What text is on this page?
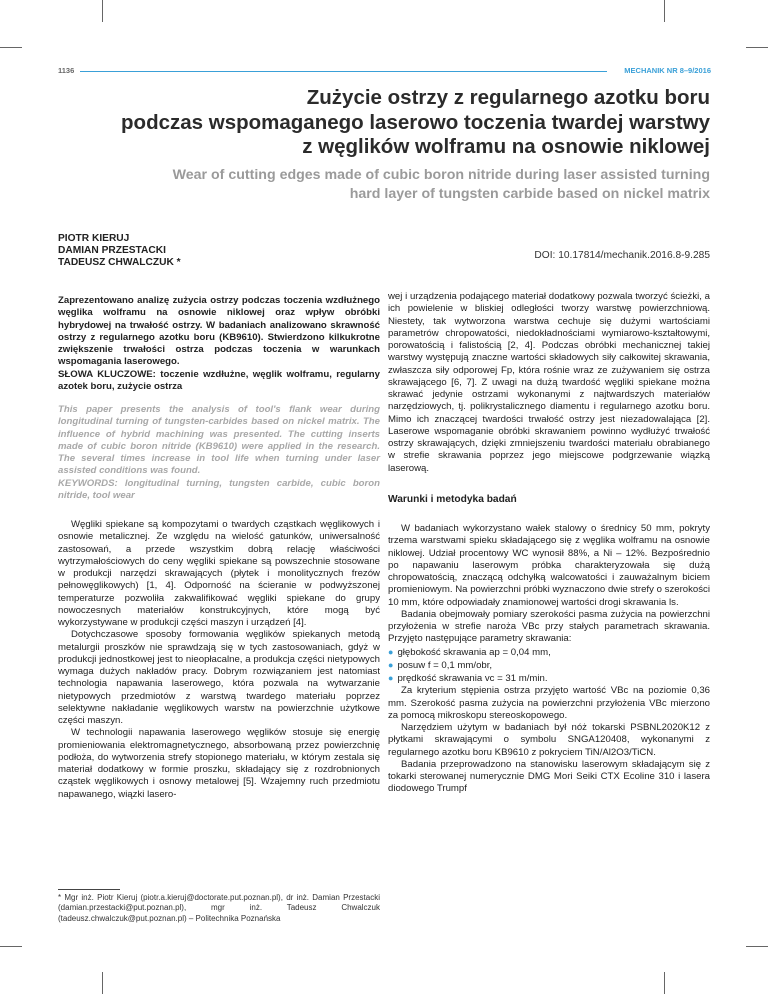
1136	MECHANIK NR 8–9/2016
Zużycie ostrzy z regularnego azotku boru
podczas wspomaganego laserowo toczenia twardej warstwy
z węglików wolframu na osnowie niklowej
Wear of cutting edges made of cubic boron nitride during laser assisted turning
hard layer of tungsten carbide based on nickel matrix
PIOTR KIERUJ
DAMIAN PRZESTACKI
TADEUSZ CHWALCZUK *
DOI: 10.17814/mechanik.2016.8-9.285

Zaprezentowano analizę zużycia ostrzy podczas toczenia wzdłużnego węglika wolframu na osnowie niklowej oraz wpływ obróbki hybrydowej na trwałość ostrzy. W badaniach analizowano skrawność ostrzy z regularnego azotku boru (KB9610). Stwierdzono kilkukrotne zwiększenie trwałości ostrza podczas toczenia w warunkach wspomagania laserowego.

SŁOWA KLUCZOWE: toczenie wzdłużne, węglik wolframu, regularny azotek boru, zużycie ostrza

This paper presents the analysis of tool's flank wear during longitudinal turning of tungsten-carbides based on nickel matrix. The influence of hybrid machining was presented. The cutting inserts made of cubic boron nitride (KB9610) were applied in the research. The several times increase in tool life when turning under laser assisted conditions was found.

KEYWORDS: longitudinal turning, tungsten carbide, cubic boron nitride, tool wear

Węgliki spiekane są kompozytami o twardych cząstkach węglikowych i osnowie metalicznej. Ze względu na wielość gatunków, uniwersalność zastosowań, a przede wszystkim dobrą relację właściwości wytrzymałościowych do ceny węgliki spiekane są powszechnie stosowane w produkcji narzędzi skrawających (płytek i monolitycznych frezów pełnowęglikowych) [1, 4]. Odporność na ścieranie w podwyższonej temperaturze pozwoliła zakwalifikować węgliki spiekane do grupy nowoczesnych materiałów konstrukcyjnych, które mogą być wykorzystywane w produkcji części maszyn i urządzeń [4].

Dotychczasowe sposoby formowania węglików spiekanych metodą metalurgii proszków nie sprawdzają się w tych zastosowaniach, gdyż w produkcji jednostkowej jest to nieopłacalne, a produkcja części nietypowych wymaga dużych nakładów pracy. Dobrym rozwiązaniem jest natomiast technologia napawania laserowego, która pozwala na wytwarzanie nietypowych przedmiotów z warstwą twardego materiału poprzez selektywne nakładanie węglikowych warstw na powierzchnie użytkowe części maszyn.

W technologii napawania laserowego węglików stosuje się energię promieniowania elektromagnetycznego, absorbowaną przez powierzchnię podłoża, do wytworzenia strefy stopionego materiału, w którym zestala się materiał dodatkowy w formie proszku, składający się z rozdrobnionych cząstek węglikowych i osnowy metalowej [5]. Wzajemny ruch przedmiotu napawanego, wiązki lasero-

* Mgr inż. Piotr Kieruj (piotr.a.kieruj@doctorate.put.poznan.pl), dr inż. Damian Przestacki (damian.przestacki@put.poznan.pl), mgr inż. Tadeusz Chwalczuk (tadeusz.chwalczuk@put.poznan.pl) – Politechnika Poznańska

wej i urządzenia podającego materiał dodatkowy pozwala tworzyć ścieżki, a ich powielenie w bliskiej odległości tworzy warstwę powierzchniową. Niestety, tak wytworzona warstwa cechuje się dużymi wartościami parametrów chropowatości, niedokładnościami wymiarowo-kształtowymi, porowatością i falistością [2, 4]. Podczas obróbki mechanicznej takiej warstwy występują znaczne wartości składowych siły całkowitej skrawania, zwłaszcza siły odporowej Fp, która rośnie wraz ze zużywaniem się ostrza skrawającego [6, 7]. Z uwagi na dużą twardość węgliki spiekane można skrawać jedynie ostrzami wykonanymi z najtwardszych materiałów narzędziowych, tj. polikrystalicznego diamentu i regularnego azotku boru. Mimo ich znaczącej twardości trwałość ostrzy jest niezadowalająca [2]. Laserowe wspomaganie obróbki skrawaniem powinno wydłużyć trwałość ostrzy skrawających, dzięki zmniejszeniu twardości materiału obrabianego w strefie skrawania poprzez jego miejscowe podgrzewanie wiązką laserową.

Warunki i metodyka badań

W badaniach wykorzystano wałek stalowy o średnicy 50 mm, pokryty trzema warstwami spieku składającego się z węglika wolframu na osnowie niklowej. Udział procentowy WC wynosił 88%, a Ni – 12%. Bezpośrednio po napawaniu laserowym próbka charakteryzowała się dużą chropowatością, znaczącą odchyłką walcowatości i zauważalnym biciem promieniowym. Na powierzchni próbki wyznaczono dwie strefy o szerokości 10 mm, które odpowiadały znamionowej wartości drogi skrawania ls.

Badania obejmowały pomiary szerokości pasma zużycia na powierzchni przyłożenia w strefie naroża VBc przy stałych parametrach skrawania. Przyjęto następujące parametry skrawania:

● głębokość skrawania ap = 0,04 mm,

● posuw f = 0,1 mm/obr,

● prędkość skrawania vc = 31 m/min.

Za kryterium stępienia ostrza przyjęto wartość VBc na poziomie 0,36 mm. Szerokość pasma zużycia na powierzchni przyłożenia VBc mierzono za pomocą mikroskopu stereoskopowego.

Narzędziem użytym w badaniach był nóż tokarski PSBNL2020K12 z płytkami skrawającymi o symbolu SNGA120408, wykonanymi z regularnego azotku boru KB9610 z pokryciem TiN/Al2O3/TiCN.

Badania przeprowadzono na stanowisku laserowym składającym się z tokarki sterowanej numerycznie DMG Mori Seiki CTX Ecoline 310 i lasera diodowego Trumpf
